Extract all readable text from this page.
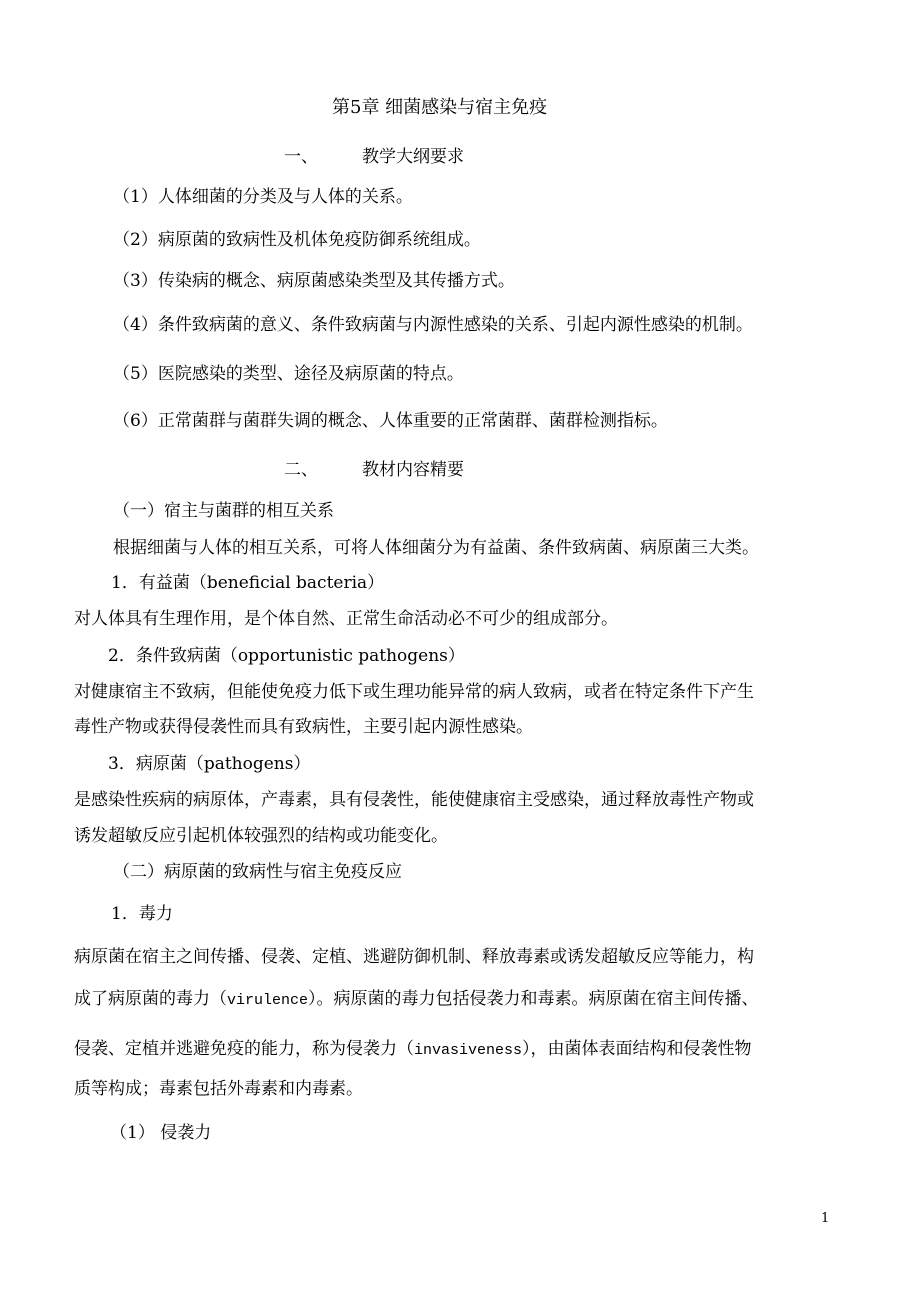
第5章 细菌感染与宿主免疫
一、	教学大纲要求
（1）人体细菌的分类及与人体的关系。
（2）病原菌的致病性及机体免疫防御系统组成。
（3）传染病的概念、病原菌感染类型及其传播方式。
（4）条件致病菌的意义、条件致病菌与内源性感染的关系、引起内源性感染的机制。
（5）医院感染的类型、途径及病原菌的特点。
（6）正常菌群与菌群失调的概念、人体重要的正常菌群、菌群检测指标。
二、	教材内容精要
（一）宿主与菌群的相互关系
根据细菌与人体的相互关系，可将人体细菌分为有益菌、条件致病菌、病原菌三大类。
1．有益菌（beneficial bacteria）
对人体具有生理作用，是个体自然、正常生命活动必不可少的组成部分。
2．条件致病菌（opportunistic pathogens）
对健康宿主不致病，但能使免疫力低下或生理功能异常的病人致病，或者在特定条件下产生
毒性产物或获得侵袭性而具有致病性，主要引起内源性感染。
3．病原菌（pathogens）
是感染性疾病的病原体，产毒素，具有侵袭性，能使健康宿主受感染，通过释放毒性产物或
诱发超敏反应引起机体较强烈的结构或功能变化。
（二）病原菌的致病性与宿主免疫反应
1．毒力
病原菌在宿主之间传播、侵袭、定植、逃避防御机制、释放毒素或诱发超敏反应等能力，构
成了病原菌的毒力（virulence）。病原菌的毒力包括侵袭力和毒素。病原菌在宿主间传播、
侵袭、定植并逃避免疫的能力，称为侵袭力（invasiveness），由菌体表面结构和侵袭性物
质等构成；毒素包括外毒素和内毒素。
（1） 侵袭力
1
